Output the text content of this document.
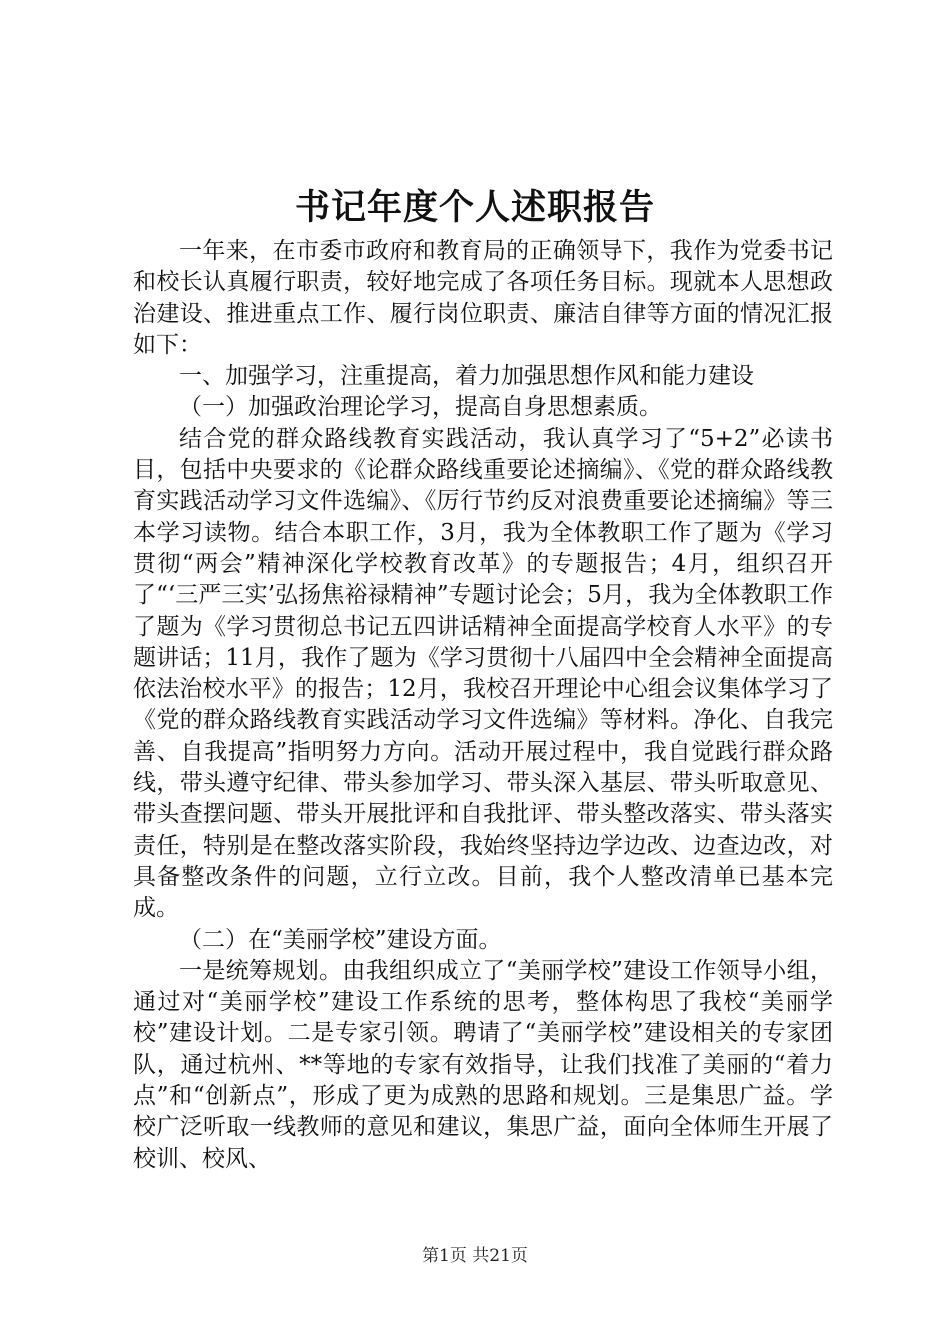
书记年度个人述职报告

一年来，在市委市政府和教育局的正确领导下，我作为党委书记和校长认真履行职责，较好地完成了各项任务目标。现就本人思想政治建设、推进重点工作、履行岗位职责、廉洁自律等方面的情况汇报如下：

一、加强学习，注重提高，着力加强思想作风和能力建设

（一）加强政治理论学习，提高自身思想素质。

结合党的群众路线教育实践活动，我认真学习了“5+2”必读书目，包括中央要求的《论群众路线重要论述摘编》、《党的群众路线教育实践活动学习文件选编》、《厉行节约反对浪费重要论述摘编》等三本学习读物。结合本职工作，3月，我为全体教职工作了题为《学习贯彻“两会”精神深化学校教育改革》的专题报告；4月，组织召开了“‘三严三实’弘扬焦裕禄精神”专题讨论会；5月，我为全体教职工作了题为《学习贯彻总书记五四讲话精神全面提高学校育人水平》的专题讲话；11月，我作了题为《学习贯彻十八届四中全会精神全面提高依法治校水平》的报告；12月，我校召开理论中心组会议集体学习了《党的群众路线教育实践活动学习文件选编》等材料。净化、自我完善、自我提高”指明努力方向。活动开展过程中，我自觉践行群众路线，带头遵守纪律、带头参加学习、带头深入基层、带头听取意见、带头查摆问题、带头开展批评和自我批评、带头整改落实、带头落实责任，特别是在整改落实阶段，我始终坚持边学边改、边查边改，对具备整改条件的问题，立行立改。目前，我个人整改清单已基本完成。

（二）在“美丽学校”建设方面。

一是统筹规划。由我组织成立了“美丽学校”建设工作领导小组，通过对“美丽学校”建设工作系统的思考，整体构思了我校“美丽学校”建设计划。二是专家引领。聘请了“美丽学校”建设相关的专家团队，通过杭州、**等地的专家有效指导，让我们找准了美丽的“着力点”和“创新点”，形成了更为成熟的思路和规划。三是集思广益。学校广泛听取一线教师的意见和建议，集思广益，面向全体师生开展了校训、校风、

第1页 共21页
